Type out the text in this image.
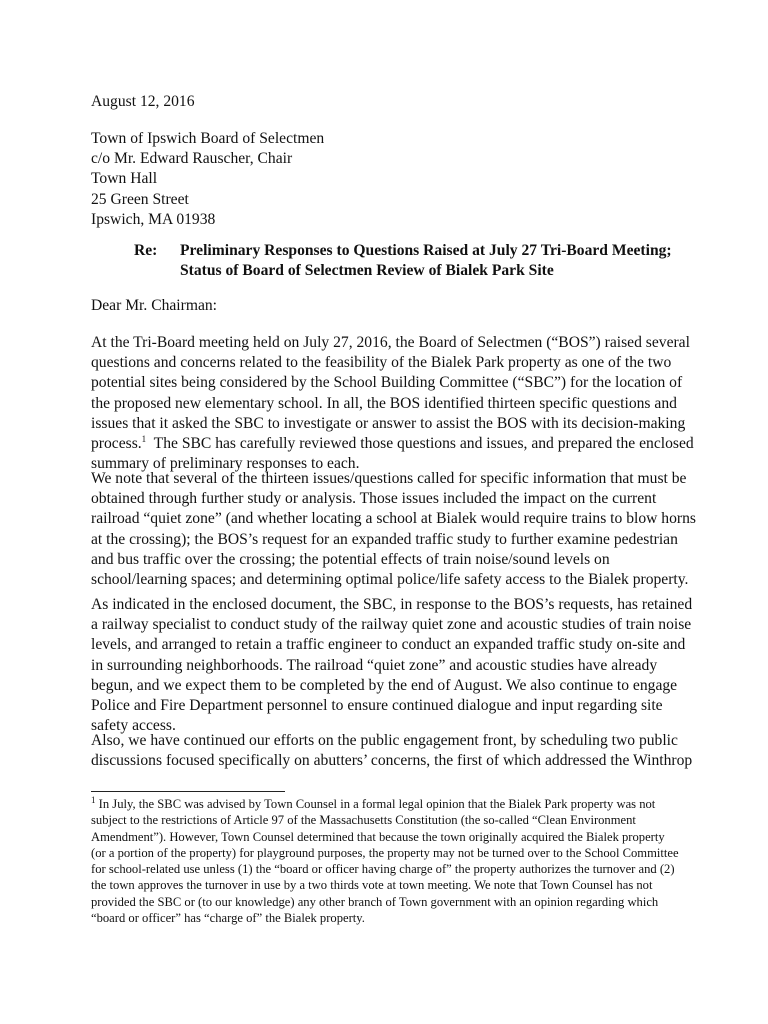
August 12, 2016
Town of Ipswich Board of Selectmen
c/o Mr. Edward Rauscher, Chair
Town Hall
25 Green Street
Ipswich, MA 01938
Re: Preliminary Responses to Questions Raised at July 27 Tri-Board Meeting;
Status of Board of Selectmen Review of Bialek Park Site
Dear Mr. Chairman:
At the Tri-Board meeting held on July 27, 2016, the Board of Selectmen (“BOS”) raised several
questions and concerns related to the feasibility of the Bialek Park property as one of the two
potential sites being considered by the School Building Committee (“SBC”) for the location of
the proposed new elementary school. In all, the BOS identified thirteen specific questions and
issues that it asked the SBC to investigate or answer to assist the BOS with its decision-making
process.$^1$  The SBC has carefully reviewed those questions and issues, and prepared the enclosed
summary of preliminary responses to each.
We note that several of the thirteen issues/questions called for specific information that must be
obtained through further study or analysis. Those issues included the impact on the current
railroad “quiet zone” (and whether locating a school at Bialek would require trains to blow horns
at the crossing); the BOS’s request for an expanded traffic study to further examine pedestrian
and bus traffic over the crossing; the potential effects of train noise/sound levels on
school/learning spaces; and determining optimal police/life safety access to the Bialek property.
As indicated in the enclosed document, the SBC, in response to the BOS’s requests, has retained
a railway specialist to conduct study of the railway quiet zone and acoustic studies of train noise
levels, and arranged to retain a traffic engineer to conduct an expanded traffic study on-site and
in surrounding neighborhoods. The railroad “quiet zone” and acoustic studies have already
begun, and we expect them to be completed by the end of August. We also continue to engage
Police and Fire Department personnel to ensure continued dialogue and input regarding site
safety access.
Also, we have continued our efforts on the public engagement front, by scheduling two public
discussions focused specifically on abutters’ concerns, the first of which addressed the Winthrop
$^1$ In July, the SBC was advised by Town Counsel in a formal legal opinion that the Bialek Park property was not
subject to the restrictions of Article 97 of the Massachusetts Constitution (the so-called “Clean Environment
Amendment”). However, Town Counsel determined that because the town originally acquired the Bialek property
(or a portion of the property) for playground purposes, the property may not be turned over to the School Committee
for school-related use unless (1) the “board or officer having charge of” the property authorizes the turnover and (2)
the town approves the turnover in use by a two thirds vote at town meeting. We note that Town Counsel has not
provided the SBC or (to our knowledge) any other branch of Town government with an opinion regarding which
“board or officer” has “charge of” the Bialek property.
